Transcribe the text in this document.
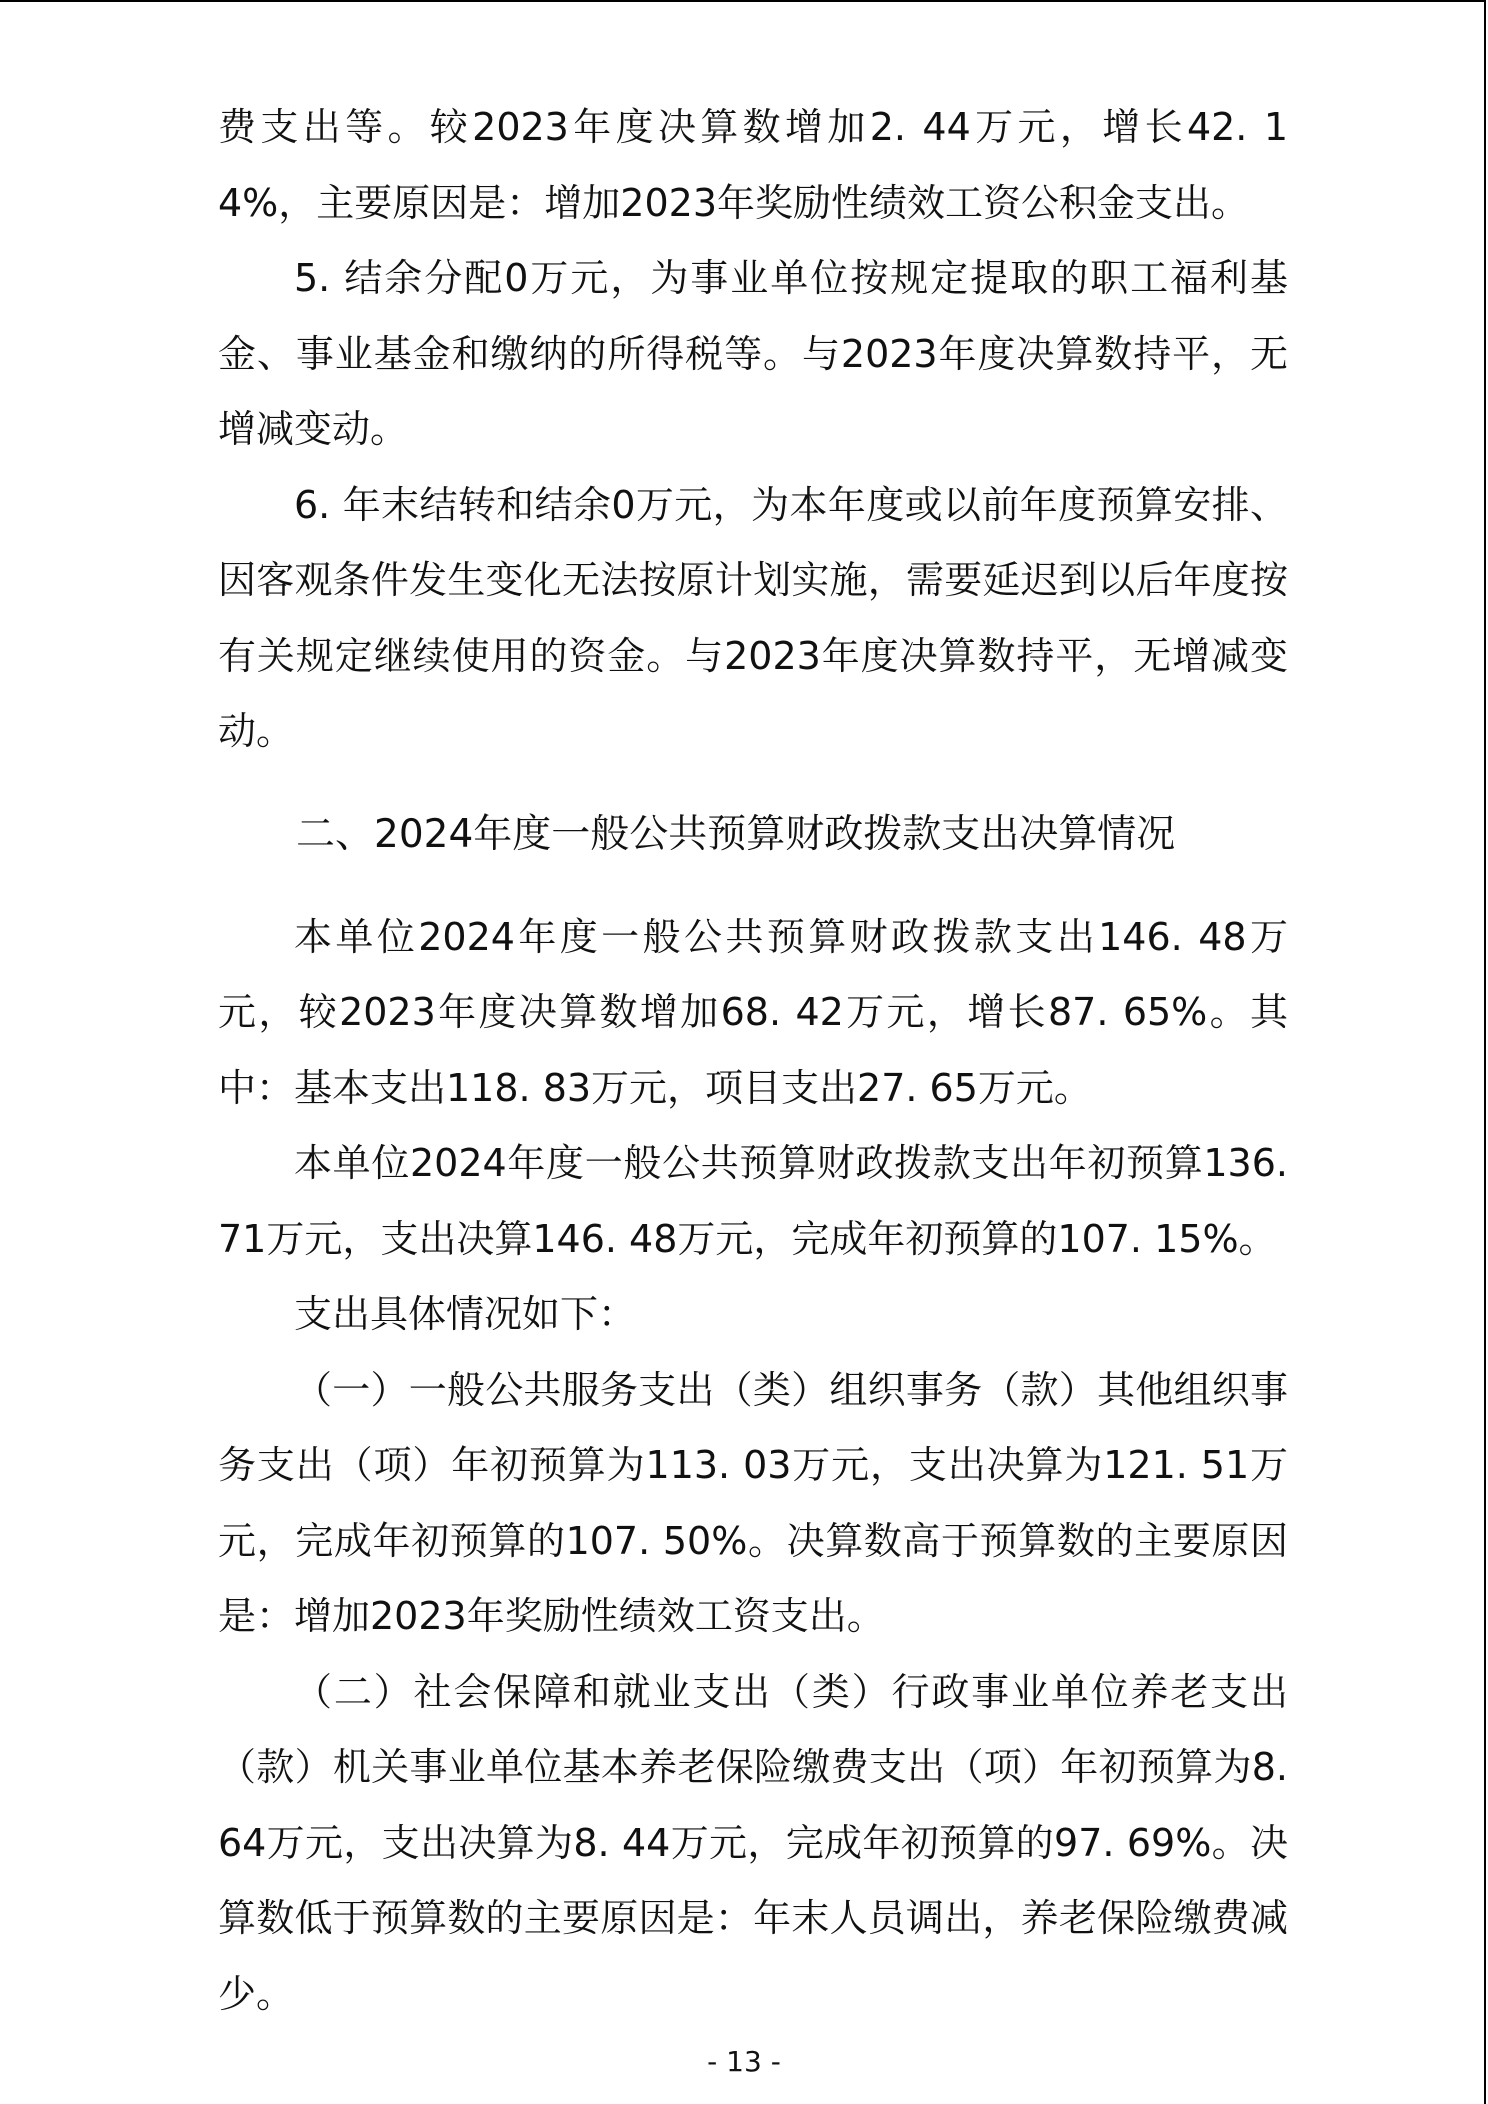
费支出等。较2023年度决算数增加2. 44万元，增长42. 14%，主要原因是：增加2023年奖励性绩效工资公积金支出。

5. 结余分配0万元，为事业单位按规定提取的职工福利基金、事业基金和缴纳的所得税等。与2023年度决算数持平，无增减变动。

6. 年末结转和结余0万元，为本年度或以前年度预算安排、因客观条件发生变化无法按原计划实施，需要延迟到以后年度按有关规定继续使用的资金。与2023年度决算数持平，无增减变动。

二、2024年度一般公共预算财政拨款支出决算情况

本单位2024年度一般公共预算财政拨款支出146. 48万元，较2023年度决算数增加68. 42万元，增长87. 65%。其中：基本支出118. 83万元，项目支出27. 65万元。

本单位2024年度一般公共预算财政拨款支出年初预算136. 71万元，支出决算146. 48万元，完成年初预算的107. 15%。

支出具体情况如下：

（一）一般公共服务支出（类）组织事务（款）其他组织事务支出（项）年初预算为113. 03万元，支出决算为121. 51万元，完成年初预算的107. 50%。决算数高于预算数的主要原因是：增加2023年奖励性绩效工资支出。

（二）社会保障和就业支出（类）行政事业单位养老支出（款）机关事业单位基本养老保险缴费支出（项）年初预算为8. 64万元，支出决算为8. 44万元，完成年初预算的97. 69%。决算数低于预算数的主要原因是：年末人员调出，养老保险缴费减少。

- 13 -
